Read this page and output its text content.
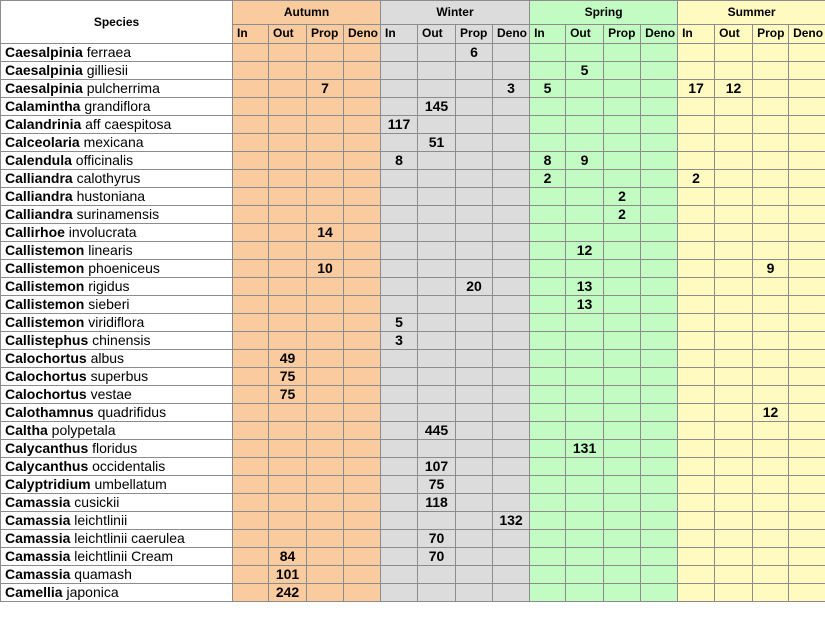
Species	Autumn				Winter				Spring				Summer			
	In	Out	Prop	Deno	In	Out	Prop	Deno	In	Out	Prop	Deno	In	Out	Prop	Deno
Caesalpinia ferraea							6									
Caesalpinia gilliesii										5						
Caesalpinia pulcherrima			7					3	5				17	12		
Calamintha grandiflora						145										
Calandrinia aff caespitosa					117											
Calceolaria mexicana						51										
Calendula officinalis					8				8	9						
Calliandra calothyrus									2				2			
Calliandra hustoniana											2					
Calliandra surinamensis											2					
Callirhoe involucrata			14													
Callistemon linearis										12						
Callistemon phoeniceus			10												9	
Callistemon rigidus							20			13						
Callistemon sieberi										13						
Callistemon viridiflora					5											
Callistephus chinensis					3											
Calochortus albus		49														
Calochortus superbus		75														
Calochortus vestae		75														
Calothamnus quadrifidus															12	
Caltha polypetala						445										
Calycanthus floridus										131						
Calycanthus occidentalis						107										
Calyptridium umbellatum						75										
Camassia cusickii						118										
Camassia leichtlinii								132								
Camassia leichtlinii caerulea						70										
Camassia leichtlinii Cream		84				70										
Camassia quamash		101														
Camellia japonica		242														
